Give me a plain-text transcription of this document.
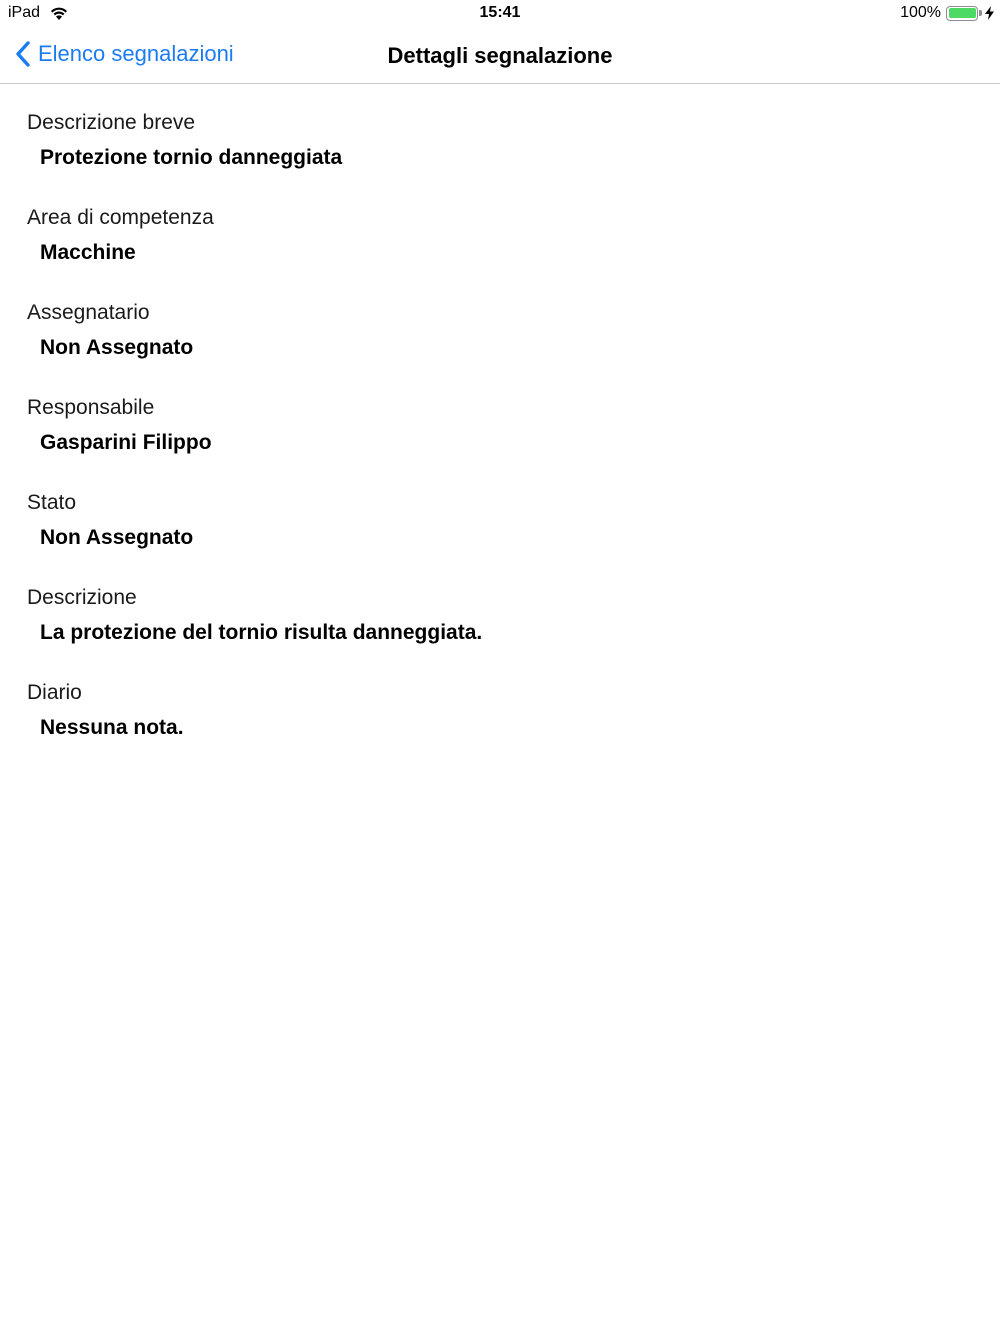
iPad	15:41	100%
Elenco segnalazioni	Dettagli segnalazione
Descrizione breve
Protezione tornio danneggiata
Area di competenza
Macchine
Assegnatario
Non Assegnato
Responsabile
Gasparini Filippo
Stato
Non Assegnato
Descrizione
La protezione del tornio risulta danneggiata.
Diario
Nessuna nota.
